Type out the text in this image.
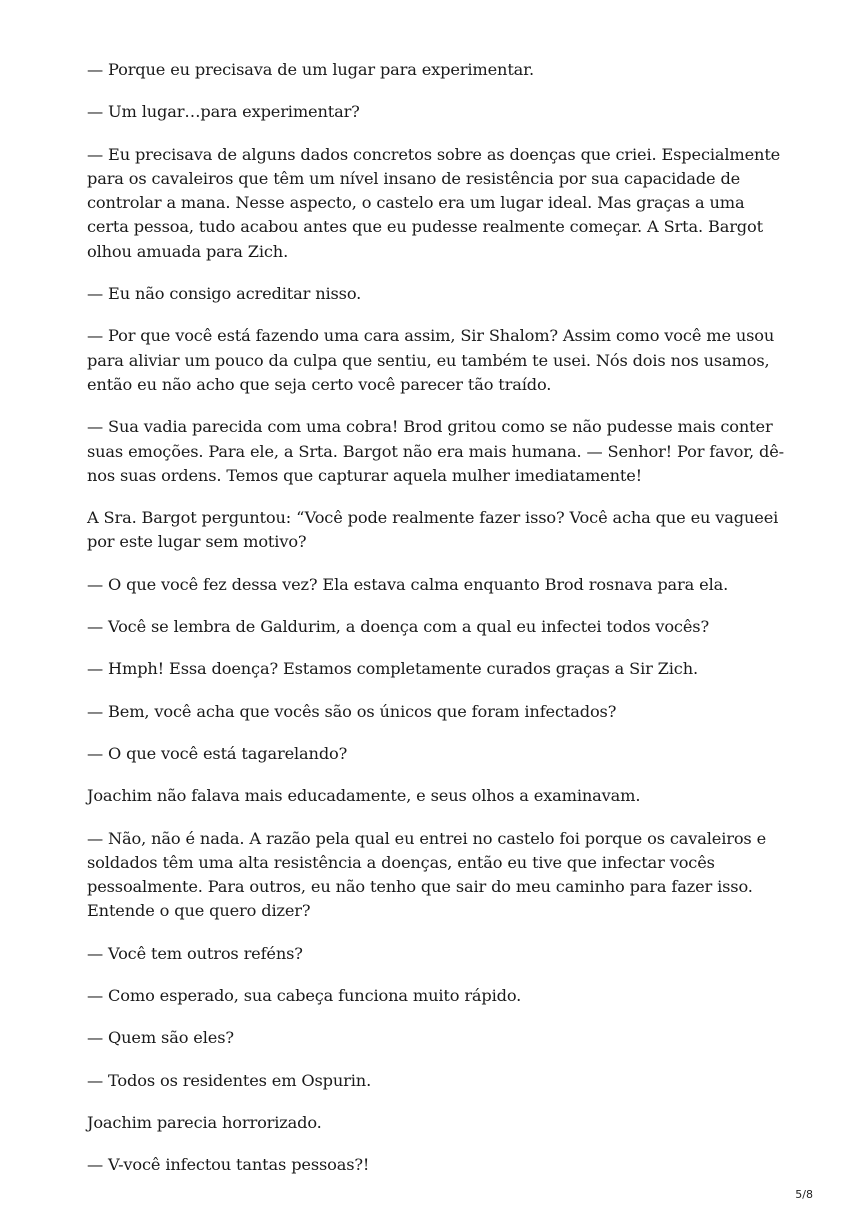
— Porque eu precisava de um lugar para experimentar.

— Um lugar…para experimentar?

— Eu precisava de alguns dados concretos sobre as doenças que criei. Especialmente para os cavaleiros que têm um nível insano de resistência por sua capacidade de controlar a mana. Nesse aspecto, o castelo era um lugar ideal. Mas graças a uma certa pessoa, tudo acabou antes que eu pudesse realmente começar. A Srta. Bargot olhou amuada para Zich.

— Eu não consigo acreditar nisso.

— Por que você está fazendo uma cara assim, Sir Shalom? Assim como você me usou para aliviar um pouco da culpa que sentiu, eu também te usei. Nós dois nos usamos, então eu não acho que seja certo você parecer tão traído.

— Sua vadia parecida com uma cobra! Brod gritou como se não pudesse mais conter suas emoções. Para ele, a Srta. Bargot não era mais humana. — Senhor! Por favor, dê-nos suas ordens. Temos que capturar aquela mulher imediatamente!

A Sra. Bargot perguntou: “Você pode realmente fazer isso? Você acha que eu vagueei por este lugar sem motivo?

— O que você fez dessa vez? Ela estava calma enquanto Brod rosnava para ela.

— Você se lembra de Galdurim, a doença com a qual eu infectei todos vocês?

— Hmph! Essa doença? Estamos completamente curados graças a Sir Zich.

— Bem, você acha que vocês são os únicos que foram infectados?

— O que você está tagarelando?

Joachim não falava mais educadamente, e seus olhos a examinavam.

— Não, não é nada. A razão pela qual eu entrei no castelo foi porque os cavaleiros e soldados têm uma alta resistência a doenças, então eu tive que infectar vocês pessoalmente. Para outros, eu não tenho que sair do meu caminho para fazer isso. Entende o que quero dizer?

— Você tem outros reféns?

— Como esperado, sua cabeça funciona muito rápido.

— Quem são eles?

— Todos os residentes em Ospurin.

Joachim parecia horrorizado.

— V-você infectou tantas pessoas?!

5/8
